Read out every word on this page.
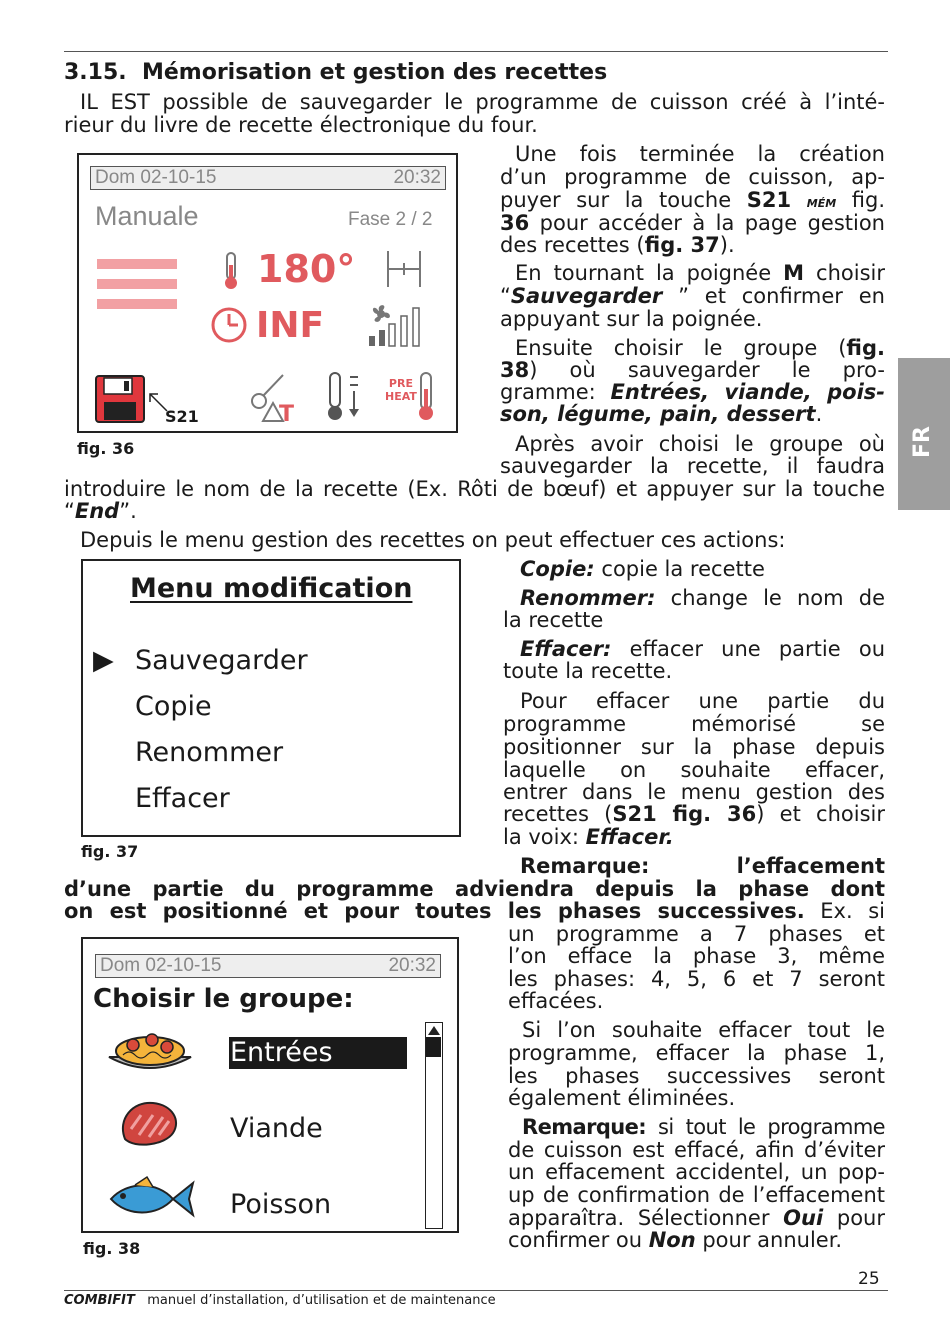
3.15. Mémorisation et gestion des recettes
IL EST possible de sauvegarder le programme de cuisson créé à l’inté-
rieur du livre de recette électronique du four.
Dom 02-10-15	20:32
Manuale	Fase 2 / 2
180°
INF
S21	T
PRE
HEAT
fig. 36
Une fois terminée la création
d’un programme de cuisson, ap-
puyer sur la touche S21 mém fig.
36 pour accéder à la page gestion
des recettes (fig. 37).
En tournant la poignée M choisir
“Sauvegarder ” et confirmer en
appuyant sur la poignée.
Ensuite choisir le groupe (fig.
38) où sauvegarder le pro-
gramme: Entrées, viande, pois-
son, légume, pain, dessert.
Après avoir choisi le groupe où
sauvegarder la recette, il faudra
introduire le nom de la recette (Ex. Rôti de bœuf) et appuyer sur la touche
“End”.
Depuis le menu gestion des recettes on peut effectuer ces actions:
Menu modification
▶ Sauvegarder
Copie
Renommer
Effacer
fig. 37
Copie: copie la recette
Renommer: change le nom de
la recette
Effacer: effacer une partie ou
toute la recette.
Pour effacer une partie du
programme mémorisé se
positionner sur la phase depuis
laquelle on souhaite effacer,
entrer dans le menu gestion des
recettes (S21 fig. 36) et choisir
la voix: Effacer.
Remarque:	l’effacement
d’une partie du programme adviendra depuis la phase dont
on est positionné et pour toutes les phases successives. Ex. si
un programme a 7 phases et
l’on efface la phase 3, même
les phases: 4, 5, 6 et 7 seront
effacées.
Si l’on souhaite effacer tout le
programme, effacer la phase 1,
les phases successives seront
également éliminées.
Remarque: si tout le programme
de cuisson est effacé, afin d’éviter
un effacement accidentel, un pop-
up de confirmation de l’effacement
apparaîtra. Sélectionner Oui pour
confirmer ou Non pour annuler.
Dom 02-10-15	20:32
Choisir le groupe:
Entrées
Viande
Poisson
fig. 38
FR
25
COMBIFIT manuel d’installation, d’utilisation et de maintenance
